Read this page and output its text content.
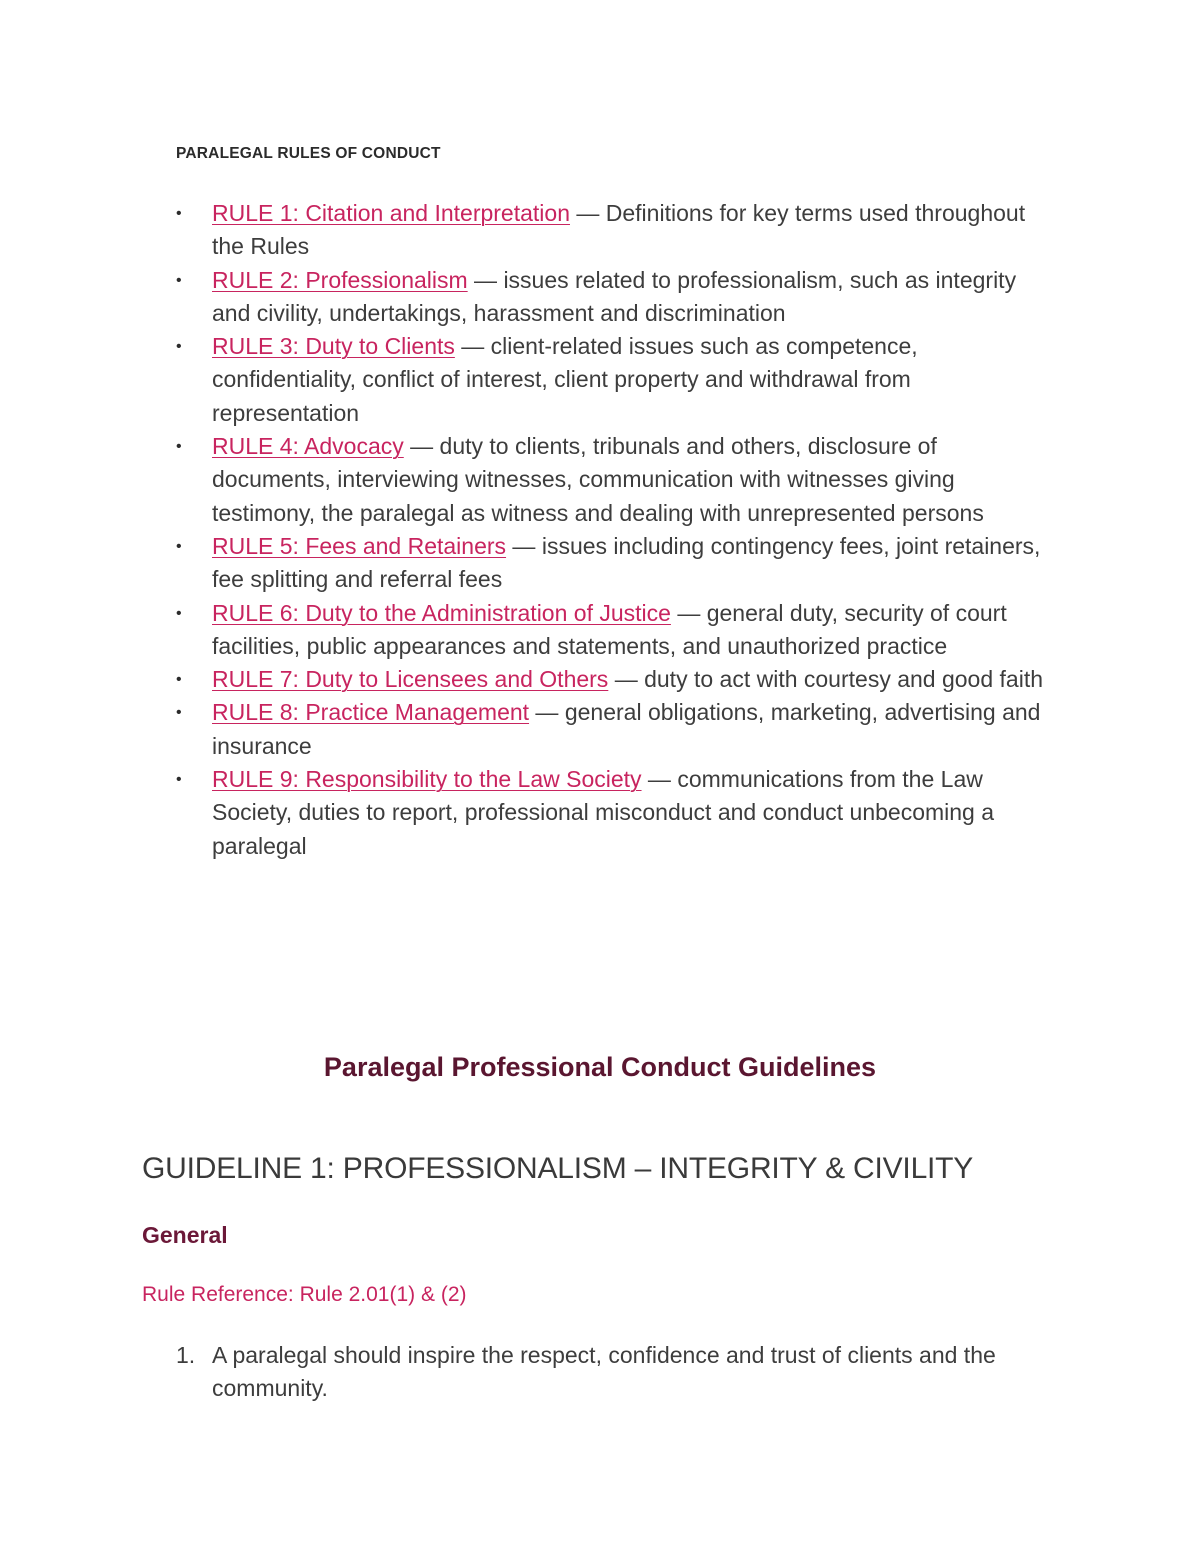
PARALEGAL RULES OF CONDUCT
• RULE 1: Citation and Interpretation — Definitions for key terms used throughout the Rules
• RULE 2: Professionalism — issues related to professionalism, such as integrity and civility, undertakings, harassment and discrimination
• RULE 3: Duty to Clients — client-related issues such as competence, confidentiality, conflict of interest, client property and withdrawal from representation
• RULE 4: Advocacy — duty to clients, tribunals and others, disclosure of documents, interviewing witnesses, communication with witnesses giving testimony, the paralegal as witness and dealing with unrepresented persons
• RULE 5: Fees and Retainers — issues including contingency fees, joint retainers, fee splitting and referral fees
• RULE 6: Duty to the Administration of Justice — general duty, security of court facilities, public appearances and statements, and unauthorized practice
• RULE 7: Duty to Licensees and Others — duty to act with courtesy and good faith
• RULE 8: Practice Management — general obligations, marketing, advertising and insurance
• RULE 9: Responsibility to the Law Society — communications from the Law Society, duties to report, professional misconduct and conduct unbecoming a paralegal
Paralegal Professional Conduct Guidelines
GUIDELINE 1: PROFESSIONALISM – INTEGRITY & CIVILITY
General

Rule Reference: Rule 2.01(1) & (2)

1. A paralegal should inspire the respect, confidence and trust of clients and the community.
